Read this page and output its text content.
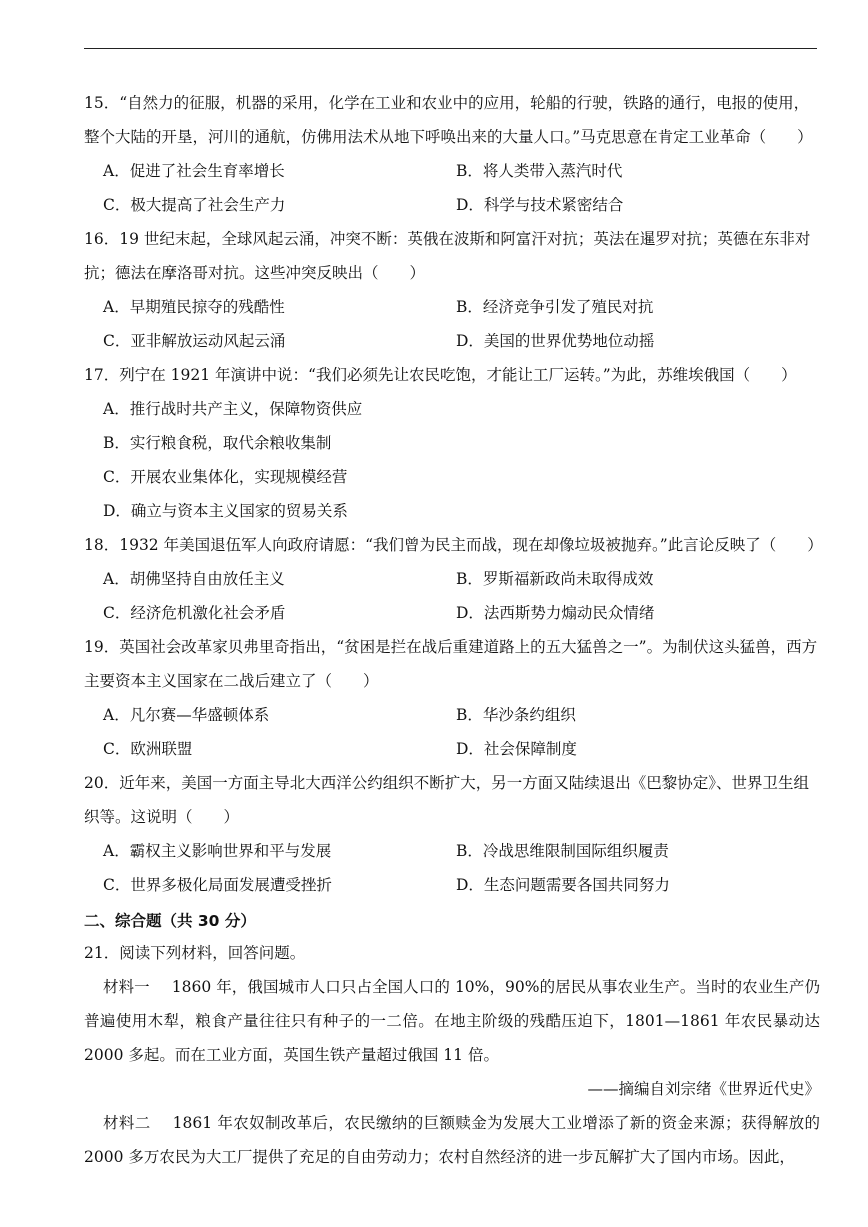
15．“自然力的征服，机器的采用，化学在工业和农业中的应用，轮船的行驶，铁路的通行，电报的使用，整个大陆的开垦，河川的通航，仿佛用法术从地下呼唤出来的大量人口。”马克思意在肯定工业革命（　　）

A．促进了社会生育率增长	B．将人类带入蒸汽时代
C．极大提高了社会生产力	D．科学与技术紧密结合

16．19 世纪末起，全球风起云涌，冲突不断：英俄在波斯和阿富汗对抗；英法在暹罗对抗；英德在东非对抗；德法在摩洛哥对抗。这些冲突反映出（　　）

A．早期殖民掠夺的残酷性	B．经济竞争引发了殖民对抗
C．亚非解放运动风起云涌	D．美国的世界优势地位动摇

17．列宁在 1921 年演讲中说：“我们必须先让农民吃饱，才能让工厂运转。”为此，苏维埃俄国（　　）

A．推行战时共产主义，保障物资供应
B．实行粮食税，取代余粮收集制
C．开展农业集体化，实现规模经营
D．确立与资本主义国家的贸易关系

18．1932 年美国退伍军人向政府请愿：“我们曾为民主而战，现在却像垃圾被抛弃。”此言论反映了（　　）

A．胡佛坚持自由放任主义	B．罗斯福新政尚未取得成效
C．经济危机激化社会矛盾	D．法西斯势力煽动民众情绪

19．英国社会改革家贝弗里奇指出，“贫困是拦在战后重建道路上的五大猛兽之一”。为制伏这头猛兽，西方主要资本主义国家在二战后建立了（　　）

A．凡尔赛—华盛顿体系	B．华沙条约组织
C．欧洲联盟	D．社会保障制度

20．近年来，美国一方面主导北大西洋公约组织不断扩大，另一方面又陆续退出《巴黎协定》、世界卫生组织等。这说明（　　）

A．霸权主义影响世界和平与发展	B．冷战思维限制国际组织履责
C．世界多极化局面发展遭受挫折	D．生态问题需要各国共同努力
二、综合题（共 30 分）

21．阅读下列材料，回答问题。

材料一 1860 年，俄国城市人口只占全国人口的 10%，90%的居民从事农业生产。当时的农业生产仍普遍使用木犁，粮食产量往往只有种子的一二倍。在地主阶级的残酷压迫下，1801—1861 年农民暴动达 2000 多起。而在工业方面，英国生铁产量超过俄国 11 倍。

——摘编自刘宗绪《世界近代史》

材料二 1861 年农奴制改革后，农民缴纳的巨额赎金为发展大工业增添了新的资金来源；获得解放的 2000 多万农民为大工厂提供了充足的自由劳动力；农村自然经济的进一步瓦解扩大了国内市场。因此，
